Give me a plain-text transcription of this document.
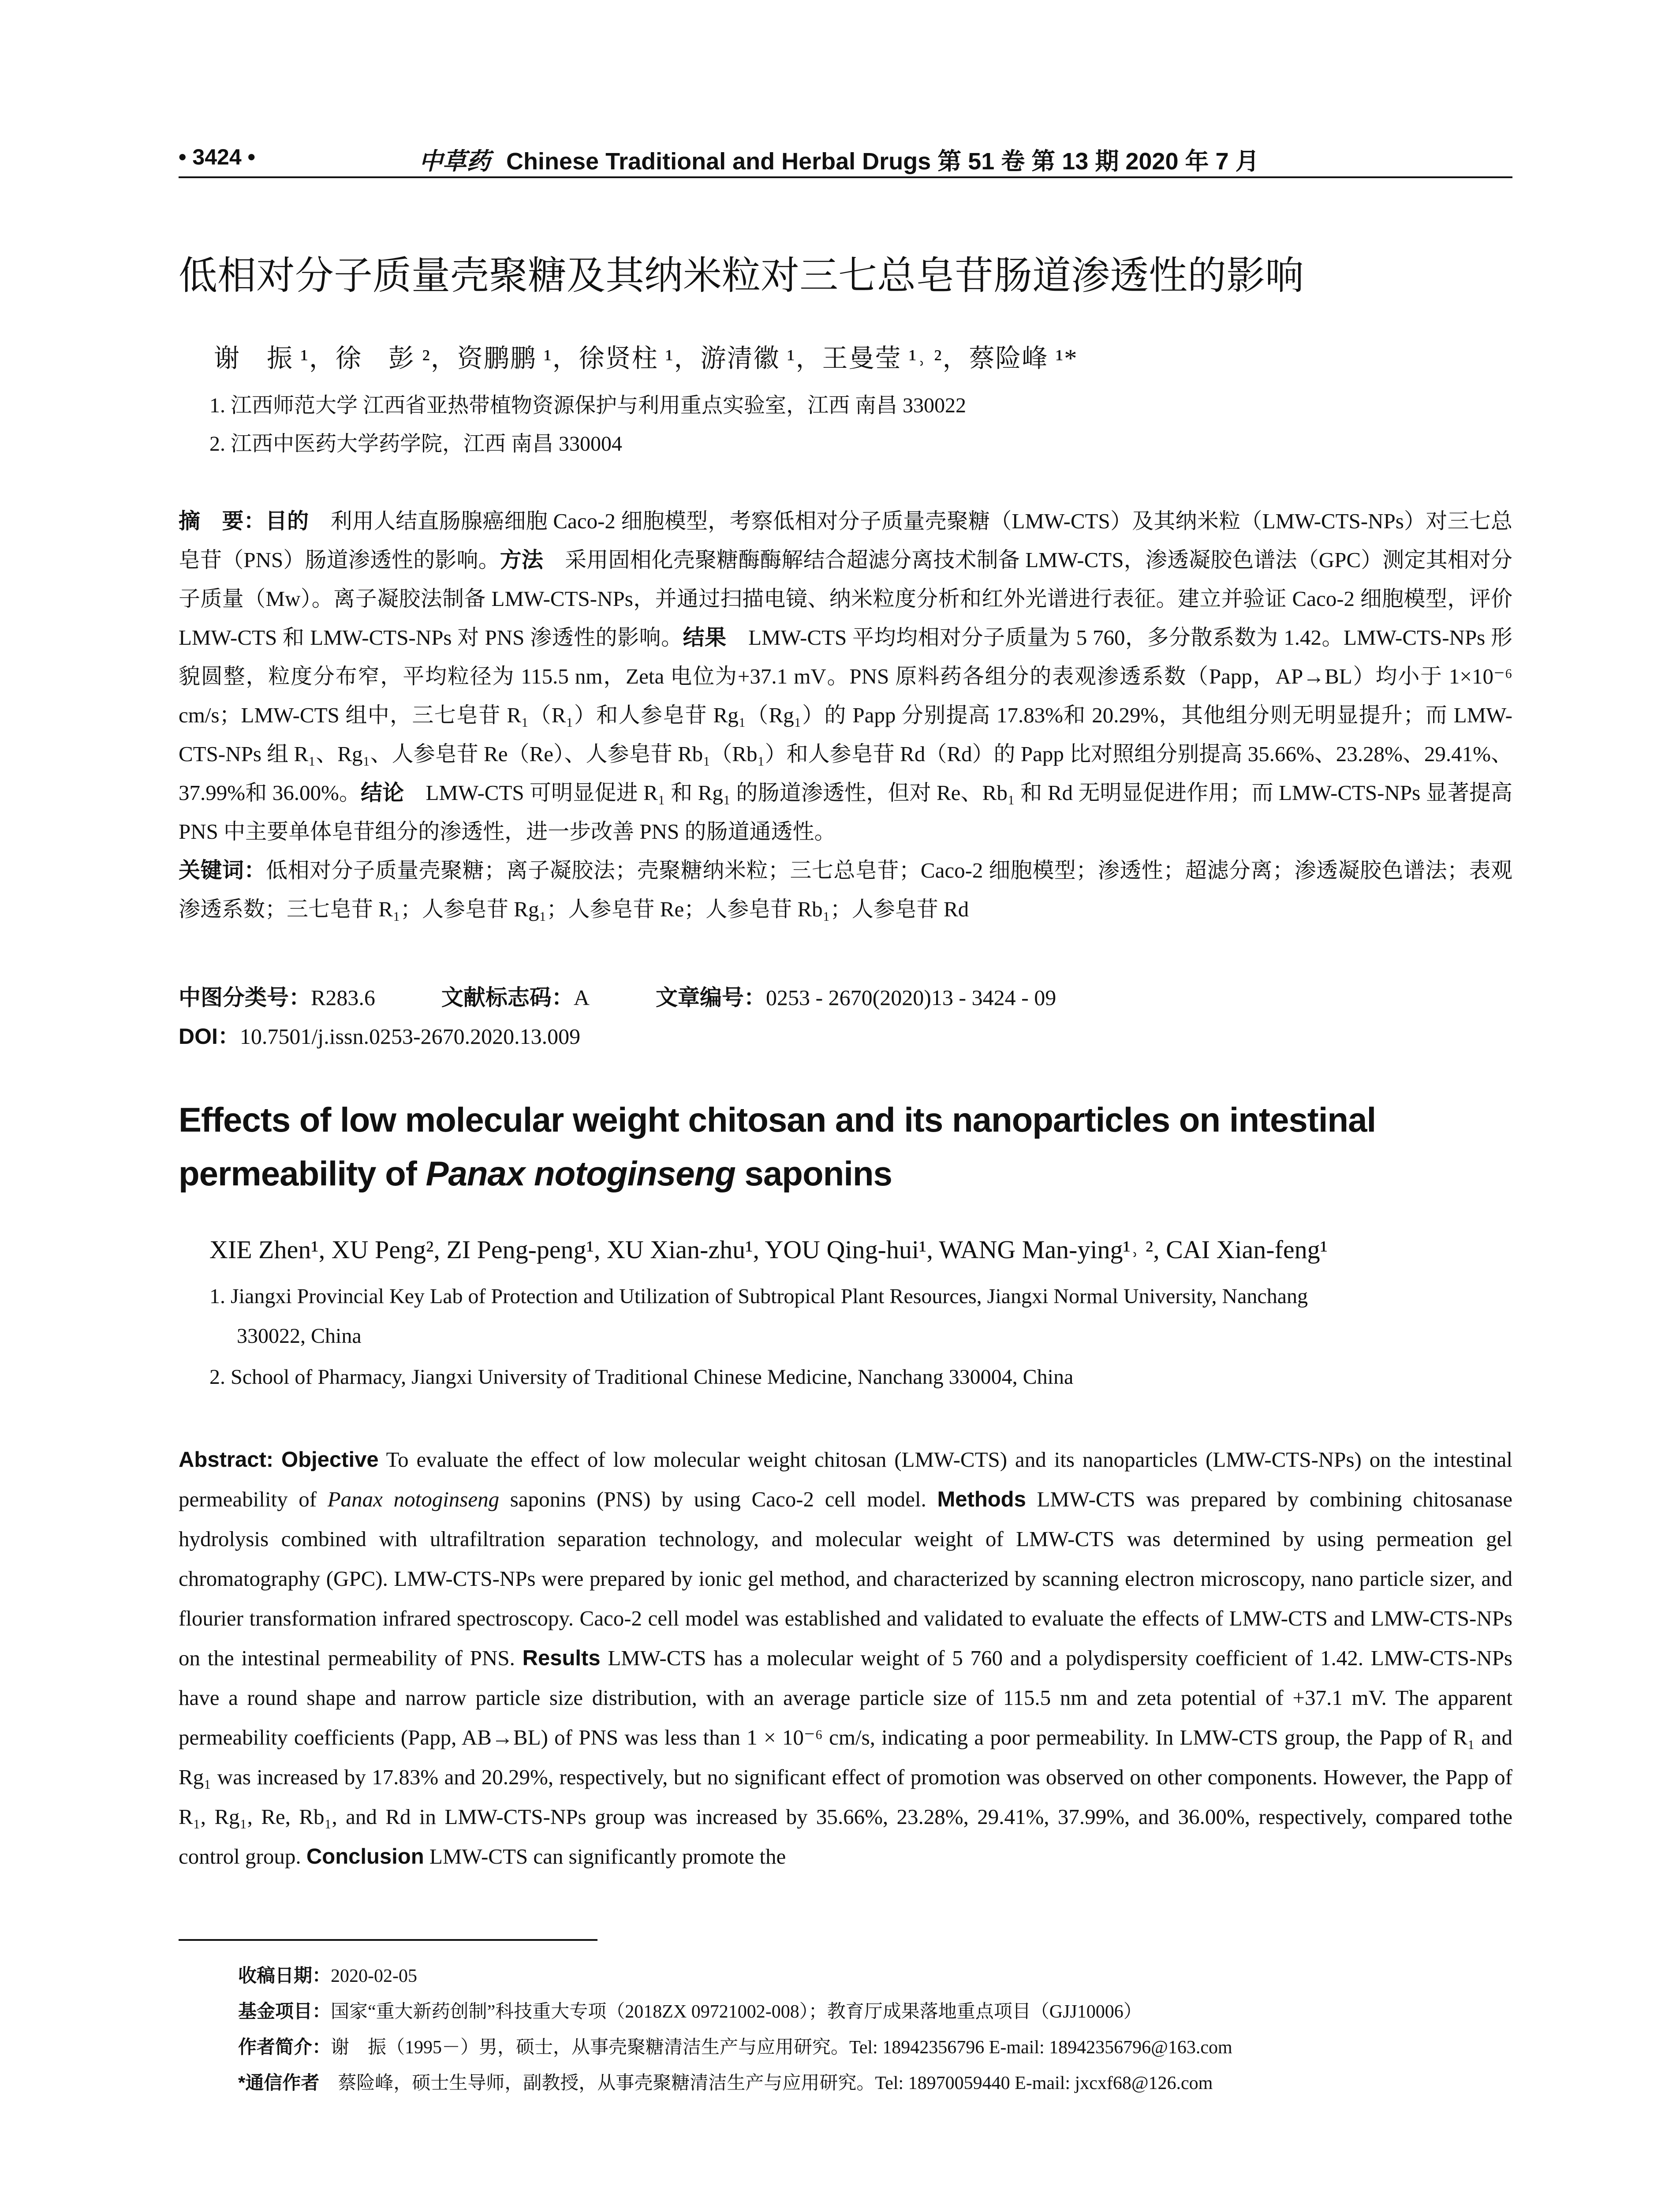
• 3424 •	中草药 Chinese Traditional and Herbal Drugs 第 51 卷 第 13 期 2020 年 7 月
低相对分子质量壳聚糖及其纳米粒对三七总皂苷肠道渗透性的影响
谢　振 ¹，徐　彭 ²，资鹏鹏 ¹，徐贤柱 ¹，游清徽 ¹，王曼莹 ¹˒ ²，蔡险峰 ¹*
1. 江西师范大学 江西省亚热带植物资源保护与利用重点实验室，江西 南昌 330022
2. 江西中医药大学药学院，江西 南昌 330004
摘　要：目的　利用人结直肠腺癌细胞 Caco-2 细胞模型，考察低相对分子质量壳聚糖（LMW-CTS）及其纳米粒（LMW-CTS-NPs）对三七总皂苷（PNS）肠道渗透性的影响。方法　采用固相化壳聚糖酶酶解结合超滤分离技术制备 LMW-CTS，渗透凝胶色谱法（GPC）测定其相对分子质量（Mw）。离子凝胶法制备 LMW-CTS-NPs，并通过扫描电镜、纳米粒度分析和红外光谱进行表征。建立并验证 Caco-2 细胞模型，评价 LMW-CTS 和 LMW-CTS-NPs 对 PNS 渗透性的影响。结果　LMW-CTS 平均均相对分子质量为 5 760，多分散系数为 1.42。LMW-CTS-NPs 形貌圆整，粒度分布窄，平均粒径为 115.5 nm，Zeta 电位为+37.1 mV。PNS 原料药各组分的表观渗透系数（Papp，AP→BL）均小于 1×10⁻⁶ cm/s；LMW-CTS 组中，三七皂苷 R₁（R₁）和人参皂苷 Rg₁（Rg₁）的 Papp 分别提高 17.83%和 20.29%，其他组分则无明显提升；而 LMW-CTS-NPs 组 R₁、Rg₁、人参皂苷 Re（Re）、人参皂苷 Rb₁（Rb₁）和人参皂苷 Rd（Rd）的 Papp 比对照组分别提高 35.66%、23.28%、29.41%、37.99%和 36.00%。结论　LMW-CTS 可明显促进 R₁ 和 Rg₁ 的肠道渗透性，但对 Re、Rb₁ 和 Rd 无明显促进作用；而 LMW-CTS-NPs 显著提高 PNS 中主要单体皂苷组分的渗透性，进一步改善 PNS 的肠道通透性。
关键词：低相对分子质量壳聚糖；离子凝胶法；壳聚糖纳米粒；三七总皂苷；Caco-2 细胞模型；渗透性；超滤分离；渗透凝胶色谱法；表观渗透系数；三七皂苷 R₁；人参皂苷 Rg₁；人参皂苷 Re；人参皂苷 Rb₁；人参皂苷 Rd
中图分类号：R283.6	文献标志码：A	文章编号：0253 - 2670(2020)13 - 3424 - 09
DOI：10.7501/j.issn.0253-2670.2020.13.009
Effects of low molecular weight chitosan and its nanoparticles on intestinal permeability of Panax notoginseng saponins
XIE Zhen¹, XU Peng², ZI Peng-peng¹, XU Xian-zhu¹, YOU Qing-hui¹, WANG Man-ying¹˒ ², CAI Xian-feng¹
1. Jiangxi Provincial Key Lab of Protection and Utilization of Subtropical Plant Resources, Jiangxi Normal University, Nanchang
330022, China
2. School of Pharmacy, Jiangxi University of Traditional Chinese Medicine, Nanchang 330004, China
Abstract: Objective To evaluate the effect of low molecular weight chitosan (LMW-CTS) and its nanoparticles (LMW-CTS-NPs) on the intestinal permeability of Panax notoginseng saponins (PNS) by using Caco-2 cell model. Methods LMW-CTS was prepared by combining chitosanase hydrolysis combined with ultrafiltration separation technology, and molecular weight of LMW-CTS was determined by using permeation gel chromatography (GPC). LMW-CTS-NPs were prepared by ionic gel method, and characterized by scanning electron microscopy, nano particle sizer, and flourier transformation infrared spectroscopy. Caco-2 cell model was established and validated to evaluate the effects of LMW-CTS and LMW-CTS-NPs on the intestinal permeability of PNS. Results LMW-CTS has a molecular weight of 5 760 and a polydispersity coefficient of 1.42. LMW-CTS-NPs have a round shape and narrow particle size distribution, with an average particle size of 115.5 nm and zeta potential of +37.1 mV. The apparent permeability coefficients (Papp, AB→BL) of PNS was less than 1 × 10⁻⁶ cm/s, indicating a poor permeability. In LMW-CTS group, the Papp of R₁ and Rg₁ was increased by 17.83% and 20.29%, respectively, but no significant effect of promotion was observed on other components. However, the Papp of R₁, Rg₁, Re, Rb₁, and Rd in LMW-CTS-NPs group was increased by 35.66%, 23.28%, 29.41%, 37.99%, and 36.00%, respectively, compared tothe control group. Conclusion LMW-CTS can significantly promote the
收稿日期：2020-02-05
基金项目：国家“重大新药创制”科技重大专项（2018ZX 09721002-008）；教育厅成果落地重点项目（GJJ10006）
作者简介：谢　振（1995－）男，硕士，从事壳聚糖清洁生产与应用研究。Tel: 18942356796 E-mail: 18942356796@163.com
*通信作者　蔡险峰，硕士生导师，副教授，从事壳聚糖清洁生产与应用研究。Tel: 18970059440 E-mail: jxcxf68@126.com
